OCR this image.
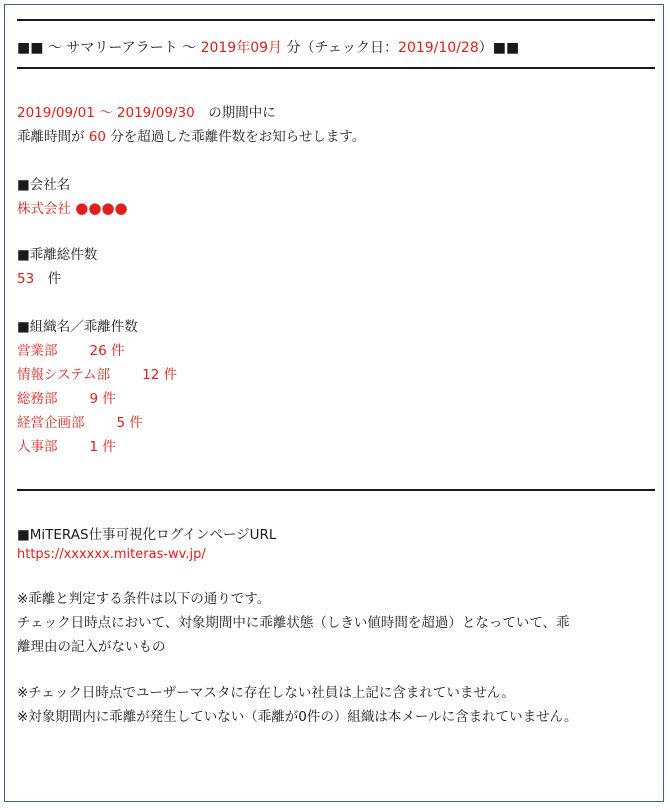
■■ 〜 サマリーアラート 〜 2019年09月 分（チェック日：2019/10/28）■■
2019/09/01 〜 2019/09/30　の期間中に
乖離時間が 60 分を超過した乖離件数をお知らせします。
■会社名
株式会社 ●●●●
■乖離総件数
53　件
■組織名／乖離件数
営業部 26 件
情報システム部 12 件
総務部 9 件
経営企画部 5 件
人事部 1 件
■MiTERAS仕事可視化ログインページURL
https://xxxxxx.miteras-wv.jp/
※乖離と判定する条件は以下の通りです。
チェック日時点において、対象期間中に乖離状態（しきい値時間を超過）となっていて、乖
離理由の記入がないもの
※チェック日時点でユーザーマスタに存在しない社員は上記に含まれていません。
※対象期間内に乖離が発生していない（乖離が0件の）組織は本メールに含まれていません。
